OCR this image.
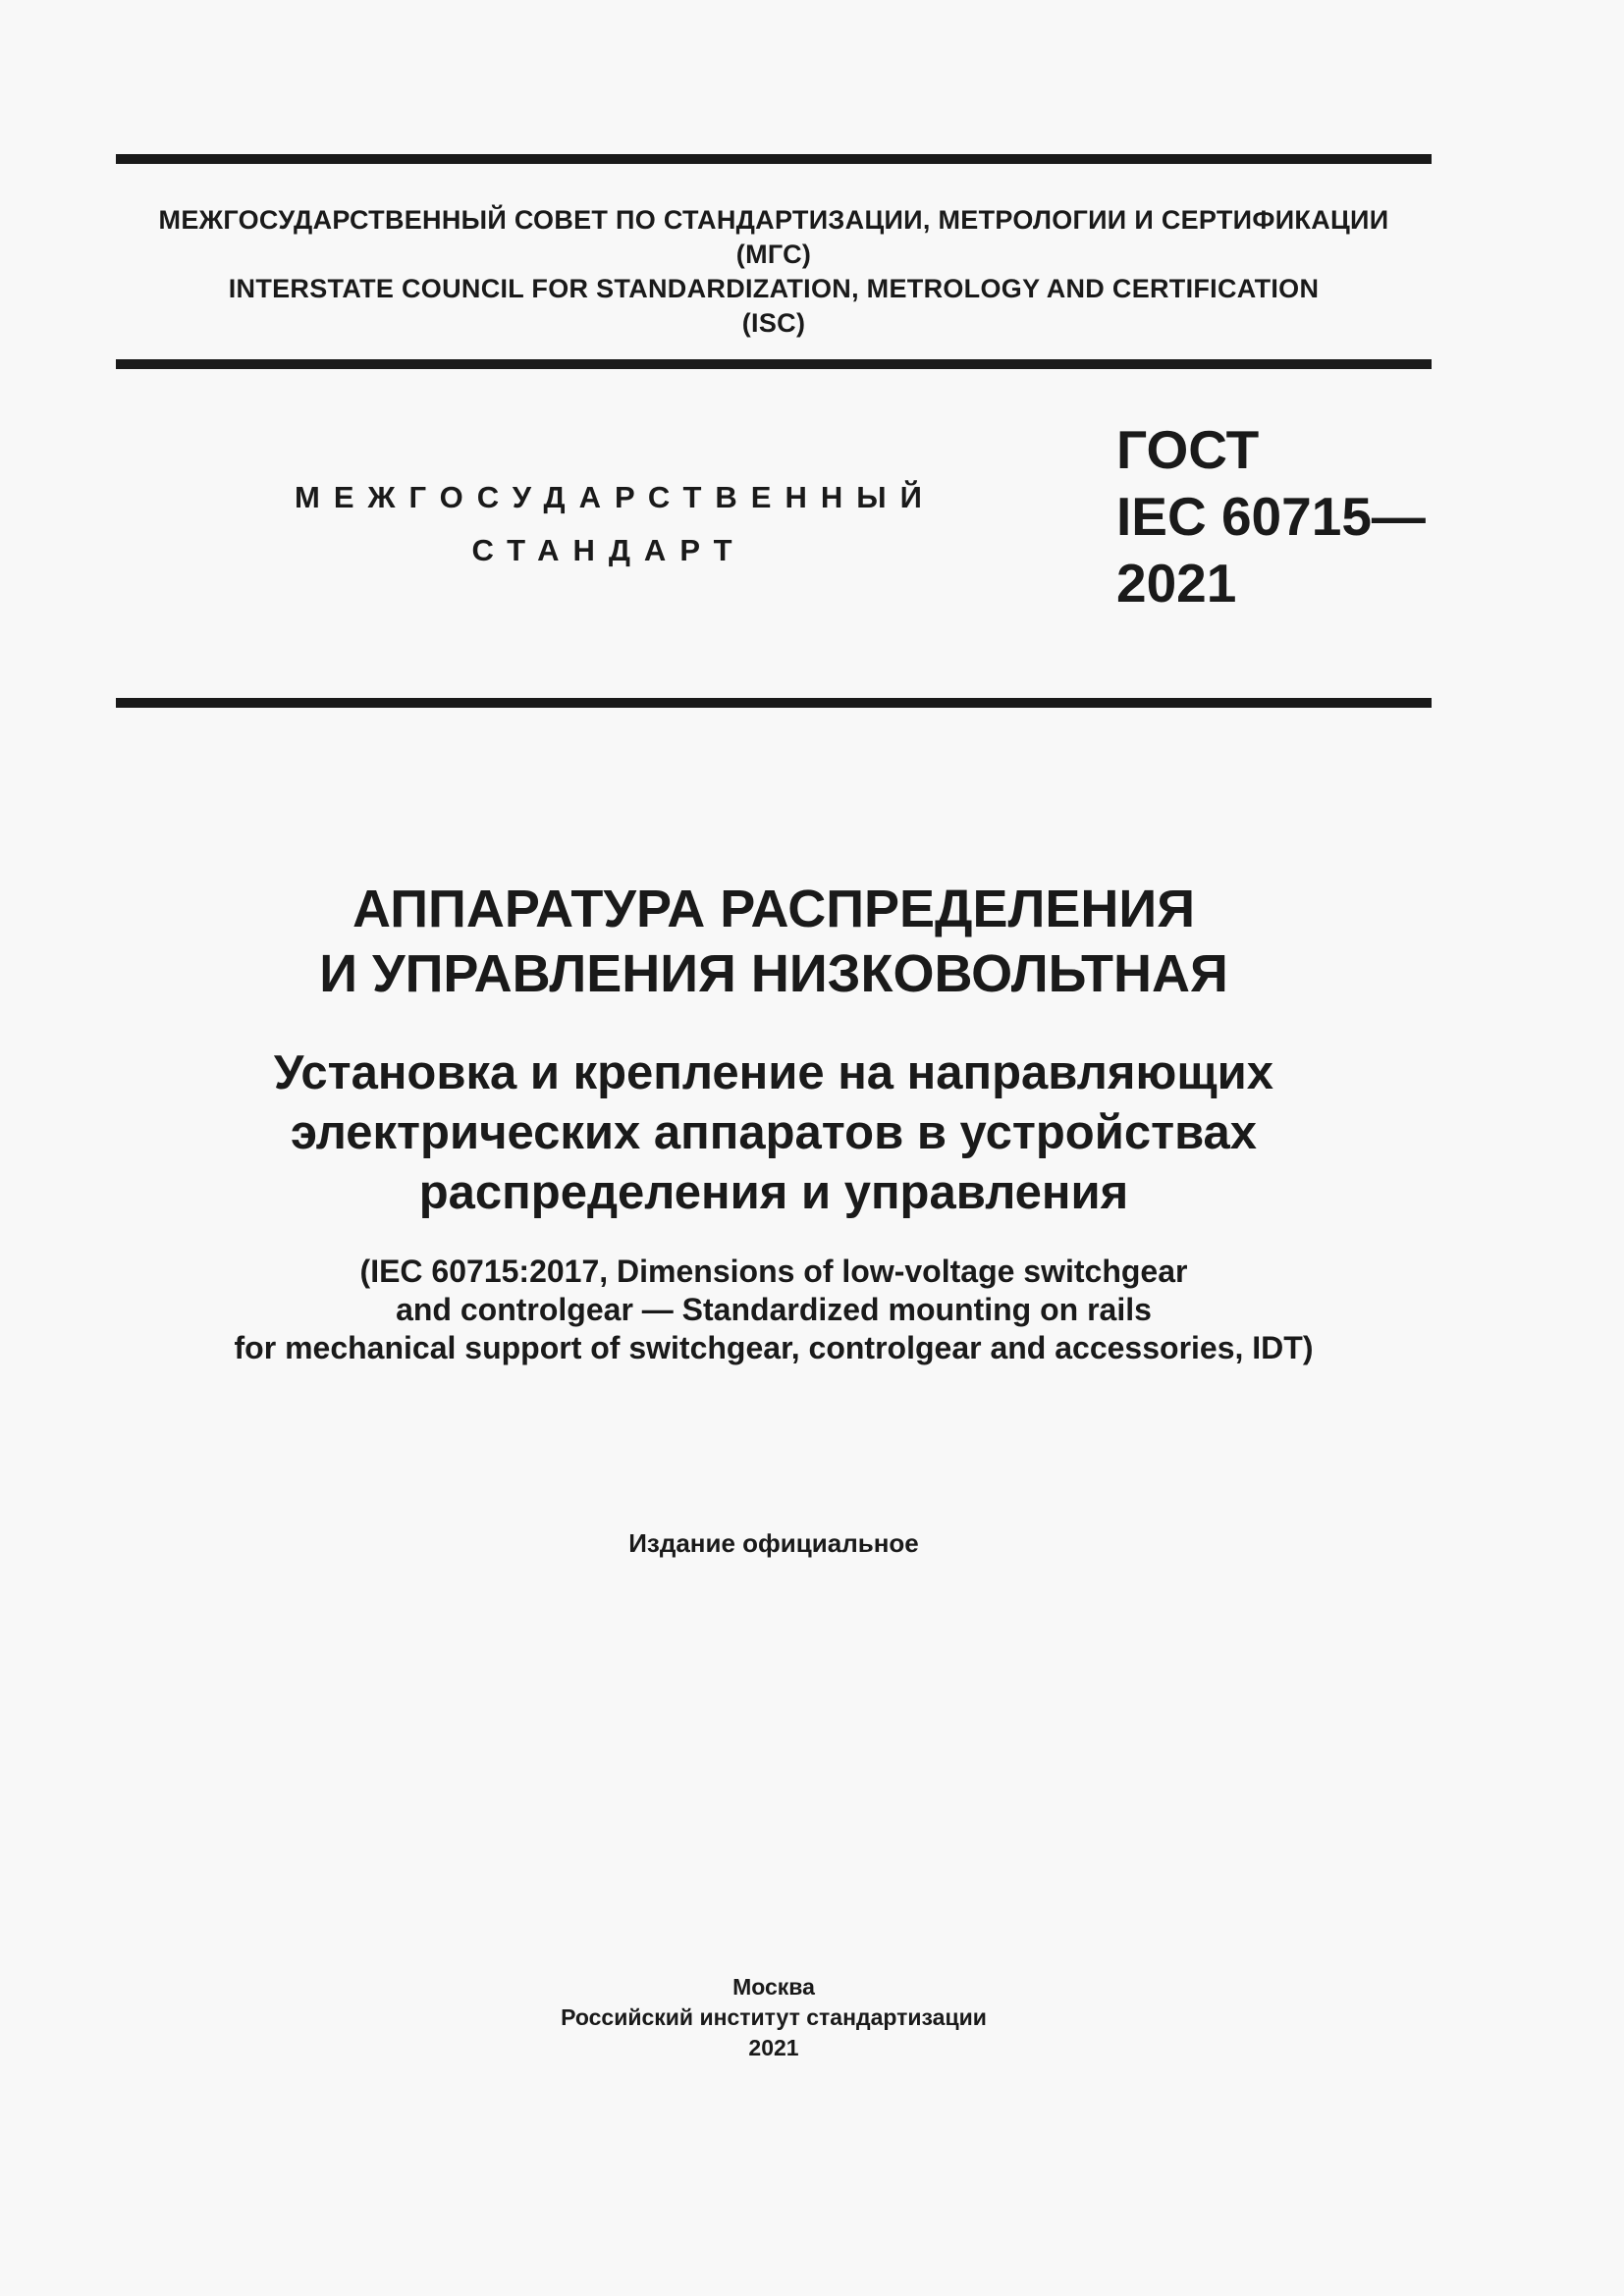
МЕЖГОСУДАРСТВЕННЫЙ СОВЕТ ПО СТАНДАРТИЗАЦИИ, МЕТРОЛОГИИ И СЕРТИФИКАЦИИ
(МГС)
INTERSTATE COUNCIL FOR STANDARDIZATION, METROLOGY AND CERTIFICATION
(ISC)
МЕЖГОСУДАРСТВЕННЫЙ
СТАНДАРТ
ГОСТ
IEC 60715—
2021
АППАРАТУРА РАСПРЕДЕЛЕНИЯ
И УПРАВЛЕНИЯ НИЗКОВОЛЬТНАЯ
Установка и крепление на направляющих
электрических аппаратов в устройствах
распределения и управления
(IEC 60715:2017, Dimensions of low-voltage switchgear
and controlgear — Standardized mounting on rails
for mechanical support of switchgear, controlgear and accessories, IDT)
Издание официальное
Москва
Российский институт стандартизации
2021
